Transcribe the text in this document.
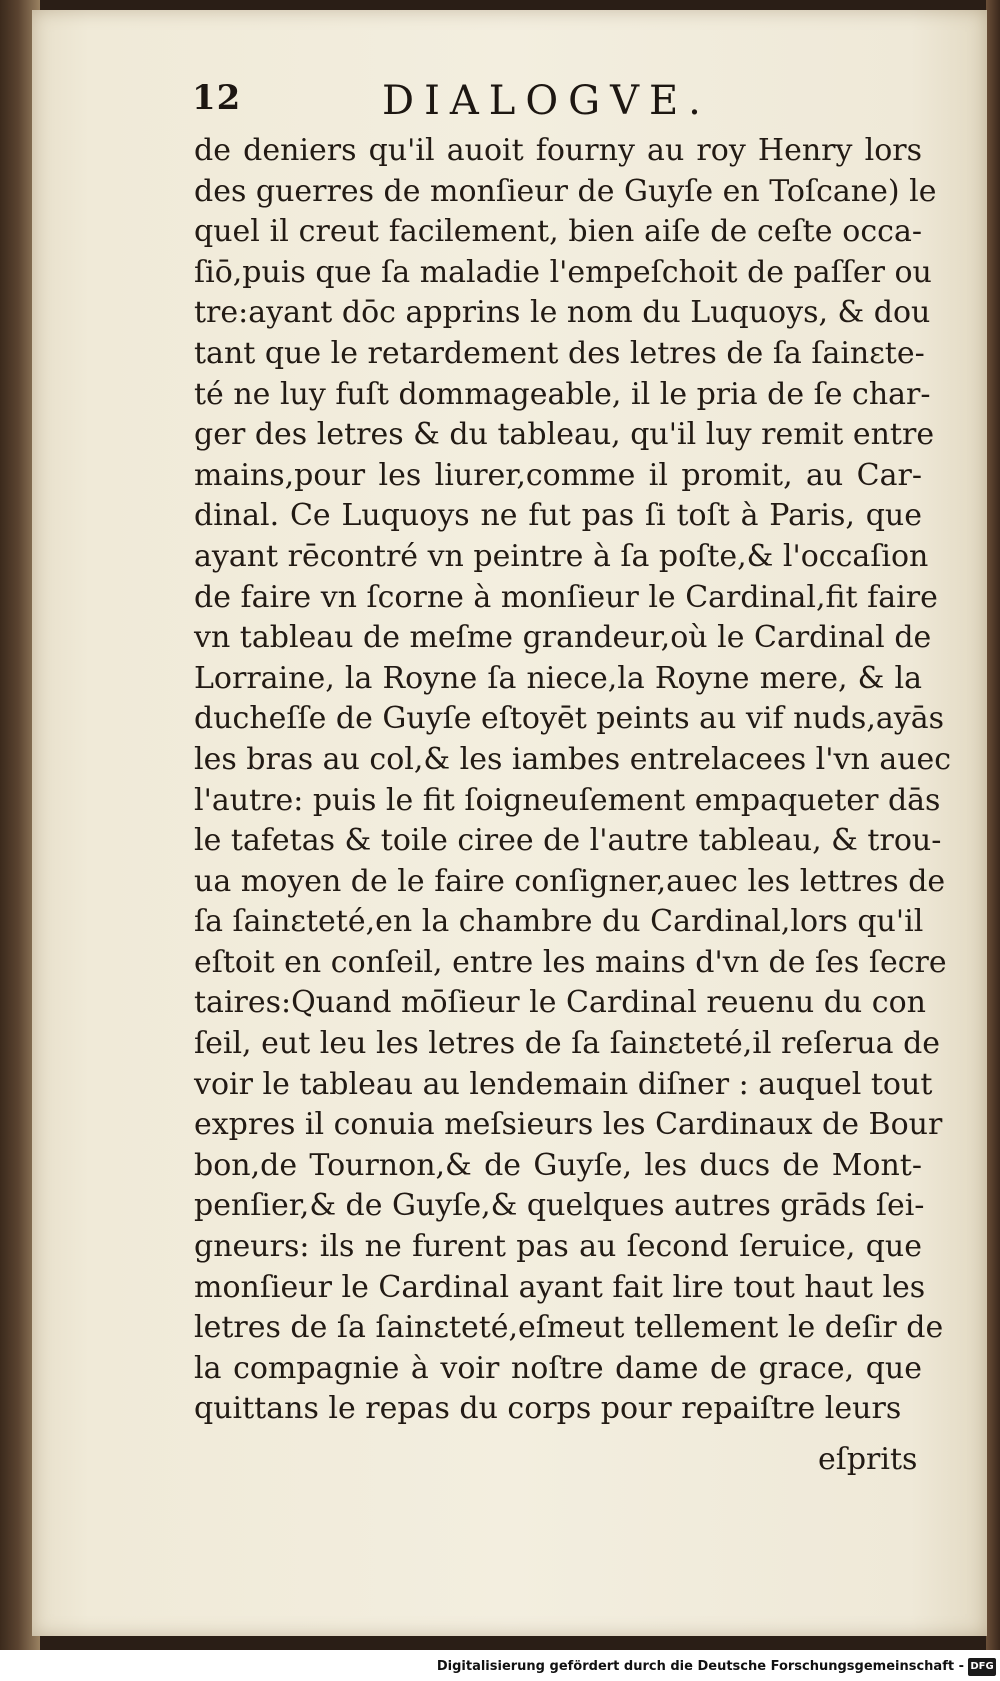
12	DIALOGVE.
de deniers qu'il auoit fourny au roy Henry lors
des guerres de monſieur de Guyſe en Toſcane) le
quel il creut facilement, bien aiſe de ceſte occa-
ſiō,puis que ſa maladie l'empeſchoit de paſſer ou
tre:ayant dōc apprins le nom du Luquoys, & dou
tant que le retardement des letres de ſa ſainɛte-
té ne luy fuſt dommageable, il le pria de ſe char-
ger des letres & du tableau, qu'il luy remit entre
mains,pour les liurer,comme il promit, au Car-
dinal. Ce Luquoys ne fut pas ſi toſt à Paris, que
ayant rēcontré vn peintre à ſa poſte,& l'occaſion
de faire vn ſcorne à monſieur le Cardinal,fit faire
vn tableau de meſme grandeur,où le Cardinal de
Lorraine, la Royne ſa niece,la Royne mere, & la
ducheſſe de Guyſe eſtoyēt peints au vif nuds,ayās
les bras au col,& les iambes entrelacees l'vn auec
l'autre: puis le fit ſoigneuſement empaqueter dās
le tafetas & toile ciree de l'autre tableau, & trou-
ua moyen de le faire conſigner,auec les lettres de
ſa ſainɛteté,en la chambre du Cardinal,lors qu'il
eſtoit en conſeil, entre les mains d'vn de ſes ſecre
taires:Quand mōſieur le Cardinal reuenu du con
ſeil, eut leu les letres de ſa ſainɛteté,il reſerua de
voir le tableau au lendemain diſner : auquel tout
expres il conuia meſsieurs les Cardinaux de Bour
bon,de Tournon,& de Guyſe, les ducs de Mont-
penſier,& de Guyſe,& quelques autres grāds ſei-
gneurs: ils ne furent pas au ſecond ſeruice, que
monſieur le Cardinal ayant fait lire tout haut les
letres de ſa ſainɛteté,eſmeut tellement le deſir de
la compagnie à voir noſtre dame de grace, que
quittans le repas du corps pour repaiſtre leurs
eſprits
Digitalisierung gefördert durch die Deutsche Forschungsgemeinschaft - DFG
